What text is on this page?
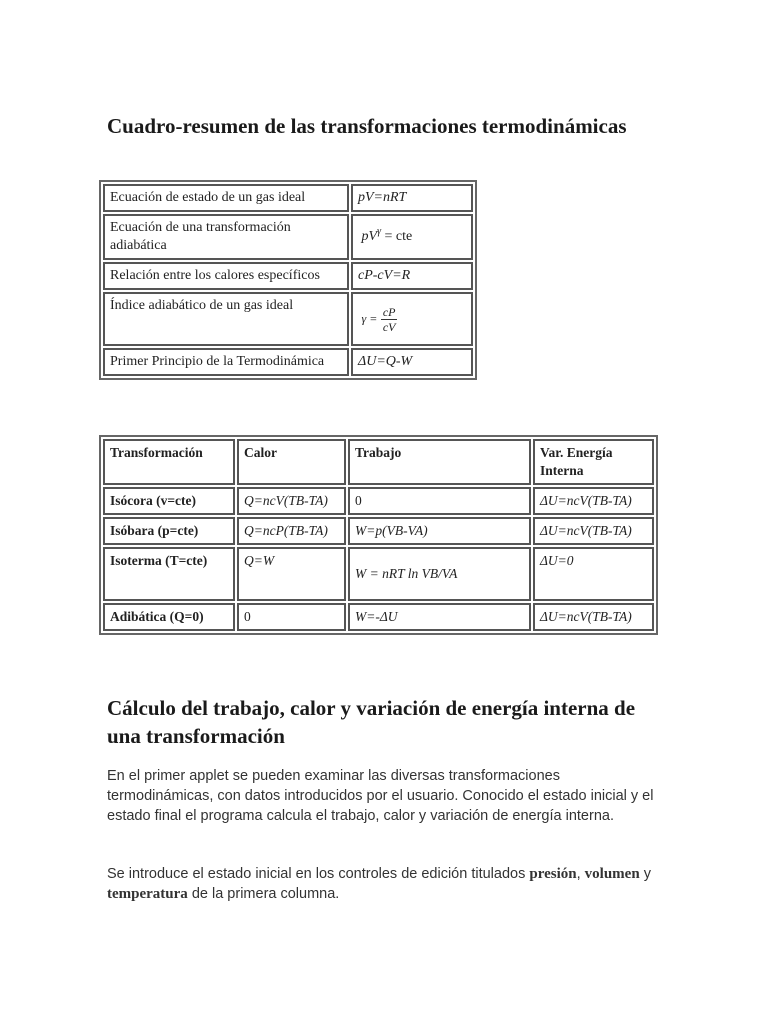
Cuadro-resumen de las transformaciones termodinámicas
Ecuación de estado de un gas ideal	pV=nRT
Ecuación de una transformación adiabática	$pV^\gamma$ = cte
Relación entre los calores específicos	cP-cV=R
Índice adiabático de un gas ideal	$\gamma = \frac{cP}{cV}$

Primer Principio de la Termodinámica	ΔU=Q-W
Transformación	Calor	Trabajo	Var. Energía Interna
Isócora (v=cte)	Q=ncV(TB-TA)	0	ΔU=ncV(TB-TA)
Isóbara (p=cte)	Q=ncP(TB-TA)	W=p(VB-VA)	ΔU=ncV(TB-TA)
Isoterma (T=cte)	Q=W	W = nRT ln VB/VA	ΔU=0
Adibática (Q=0)	0	W=-ΔU	ΔU=ncV(TB-TA)
Cálculo del trabajo, calor y variación de energía interna de una transformación

En el primer applet se pueden examinar las diversas transformaciones termodinámicas, con datos introducidos por el usuario. Conocido el estado inicial y el estado final el programa calcula el trabajo, calor y variación de energía interna.

Se introduce el estado inicial en los controles de edición titulados presión, volumen y temperatura de la primera columna.
